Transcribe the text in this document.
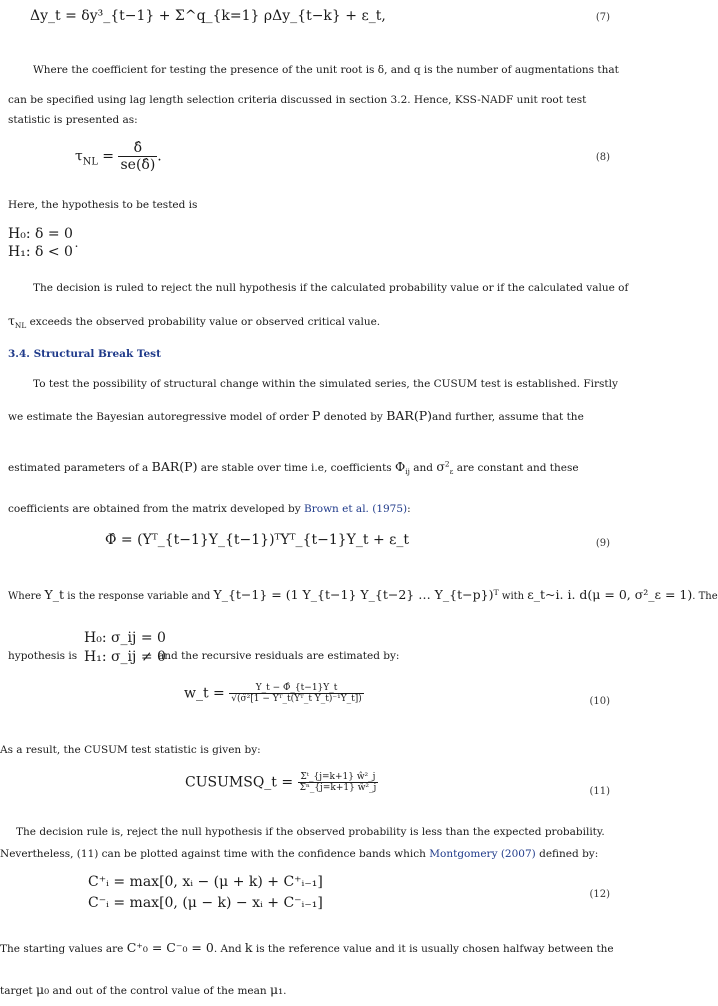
Δy_t = δy³_{t−1} + Σ^q_{k=1} ρΔy_{t−k} + ε_t,	(7)
Where the coefficient for testing the presence of the unit root is δ, and q is the number of augmentations that
can be specified using lag length selection criteria discussed in section 3.2. Hence, KSS-NADF unit root test
statistic is presented as:
$\tau_{NL} = \frac{\deltâ}{se(\deltâ)}$ .	(8)
Here, the hypothesis to be tested is
H₀: δ = 0
H₁: δ < 0˙
The decision is ruled to reject the null hypothesis if the calculated probability value or if the calculated value of
$\tau_{NL}$ exceeds the observed probability value or observed critical value.
3.4. Structural Break Test
To test the possibility of structural change within the simulated series, the CUSUM test is established. Firstly
we estimate the Bayesian autoregressive model of order P denoted by BAR(P)and further, assume that the
estimated parameters of a BAR(P) are stable over time i.e, coefficients $\Phi_{ij}$ and $\sigma^2_\varepsilon$ are constant and these
coefficients are obtained from the matrix developed by Brown et al. (1975):
Φ̂ = (Yᵀ_{t−1}Y_{t−1})ᵀYᵀ_{t−1}Y_t + ε_t	(9)
Where Y_t is the response variable and Y_{t−1} = (1 Y_{t−1} Y_{t−2} … Y_{t−p})ᵀ with ε_t~i. i. d(μ = 0, σ²_ε = 1). The
H₀: σ_ij = 0
hypothesis is H₁: σ_ij ≠ 0
and the recursive residuals are estimated by:
w_t = $\frac{Y\_t - \Phî\_\{t-1\}Y\_t}{\text{√(σ̂²[1 − Yᵀ\_t(Yᵀ\_t Y\_t)⁻¹Y\_t])}}$	(10)
As a result, the CUSUM test statistic is given by:
CUSUMSQ_t = $\frac{\text{Σᵗ\_\{j=k+1\} ŵ²\_j}}{\text{Σⁿ\_\{j=k+1\} ŵ²\_j}}$	(11)
The decision rule is, reject the null hypothesis if the observed probability is less than the expected probability.
Nevertheless, (11) can be plotted against time with the confidence bands which Montgomery (2007) defined by:
C⁺ᵢ = max[0, xᵢ − (μ + k) + C⁺ᵢ₋₁]
C⁻ᵢ = max[0, (μ − k) − xᵢ + C⁻ᵢ₋₁]
(12)
The starting values are C⁺₀ = C⁻₀ = 0. And k is the reference value and it is usually chosen halfway between the
target μ₀ and out of the control value of the mean μ₁.
